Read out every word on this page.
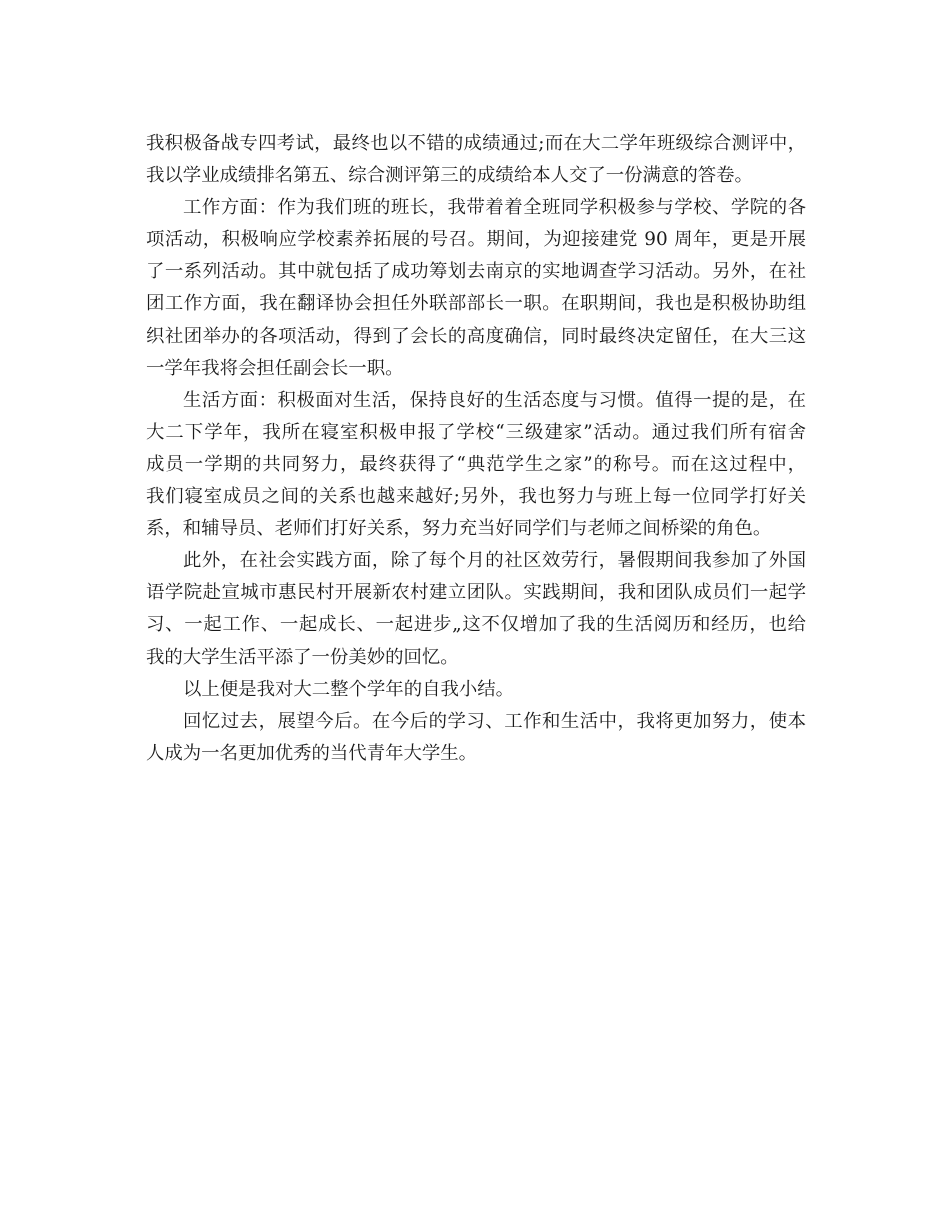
我积极备战专四考试，最终也以不错的成绩通过;而在大二学年班级综合测评中，
我以学业成绩排名第五、综合测评第三的成绩给本人交了一份满意的答卷。
工作方面：作为我们班的班长，我带着着全班同学积极参与学校、学院的各
项活动，积极响应学校素养拓展的号召。期间，为迎接建党 90 周年，更是开展
了一系列活动。其中就包括了成功筹划去南京的实地调查学习活动。另外，在社
团工作方面，我在翻译协会担任外联部部长一职。在职期间，我也是积极协助组
织社团举办的各项活动，得到了会长的高度确信，同时最终决定留任，在大三这
一学年我将会担任副会长一职。
生活方面：积极面对生活，保持良好的生活态度与习惯。值得一提的是，在
大二下学年，我所在寝室积极申报了学校“三级建家”活动。通过我们所有宿舍
成员一学期的共同努力，最终获得了“典范学生之家”的称号。而在这过程中，
我们寝室成员之间的关系也越来越好;另外，我也努力与班上每一位同学打好关
系，和辅导员、老师们打好关系，努力充当好同学们与老师之间桥梁的角色。
此外，在社会实践方面，除了每个月的社区效劳行，暑假期间我参加了外国
语学院赴宣城市惠民村开展新农村建立团队。实践期间，我和团队成员们一起学
习、一起工作、一起成长、一起进步„这不仅增加了我的生活阅历和经历，也给
我的大学生活平添了一份美妙的回忆。
以上便是我对大二整个学年的自我小结。
回忆过去，展望今后。在今后的学习、工作和生活中，我将更加努力，使本
人成为一名更加优秀的当代青年大学生。
